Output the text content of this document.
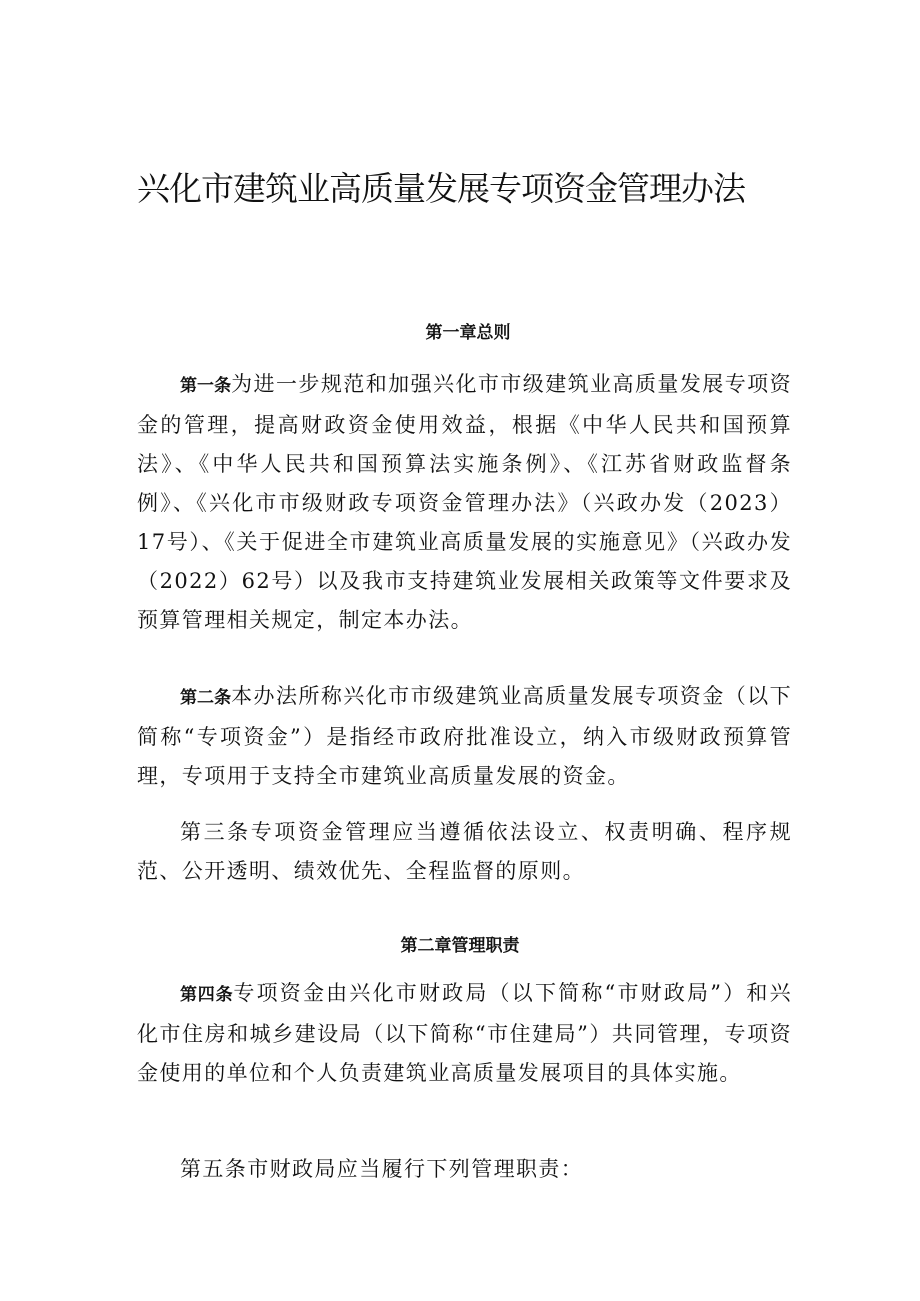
兴化市建筑业高质量发展专项资金管理办法
第一章总则

第一条为进一步规范和加强兴化市市级建筑业高质量发展专项资金的管理，提高财政资金使用效益，根据《中华人民共和国预算法》、《中华人民共和国预算法实施条例》、《江苏省财政监督条例》、《兴化市市级财政专项资金管理办法》（兴政办发（2023）17号）、《关于促进全市建筑业高质量发展的实施意见》（兴政办发（2022）62号）以及我市支持建筑业发展相关政策等文件要求及预算管理相关规定，制定本办法。

第二条本办法所称兴化市市级建筑业高质量发展专项资金（以下简称“专项资金”）是指经市政府批准设立，纳入市级财政预算管理，专项用于支持全市建筑业高质量发展的资金。

第三条专项资金管理应当遵循依法设立、权责明确、程序规范、公开透明、绩效优先、全程监督的原则。

第二章管理职责

第四条专项资金由兴化市财政局（以下简称“市财政局”）和兴化市住房和城乡建设局（以下简称“市住建局”）共同管理，专项资金使用的单位和个人负责建筑业高质量发展项目的具体实施。

第五条市财政局应当履行下列管理职责：
